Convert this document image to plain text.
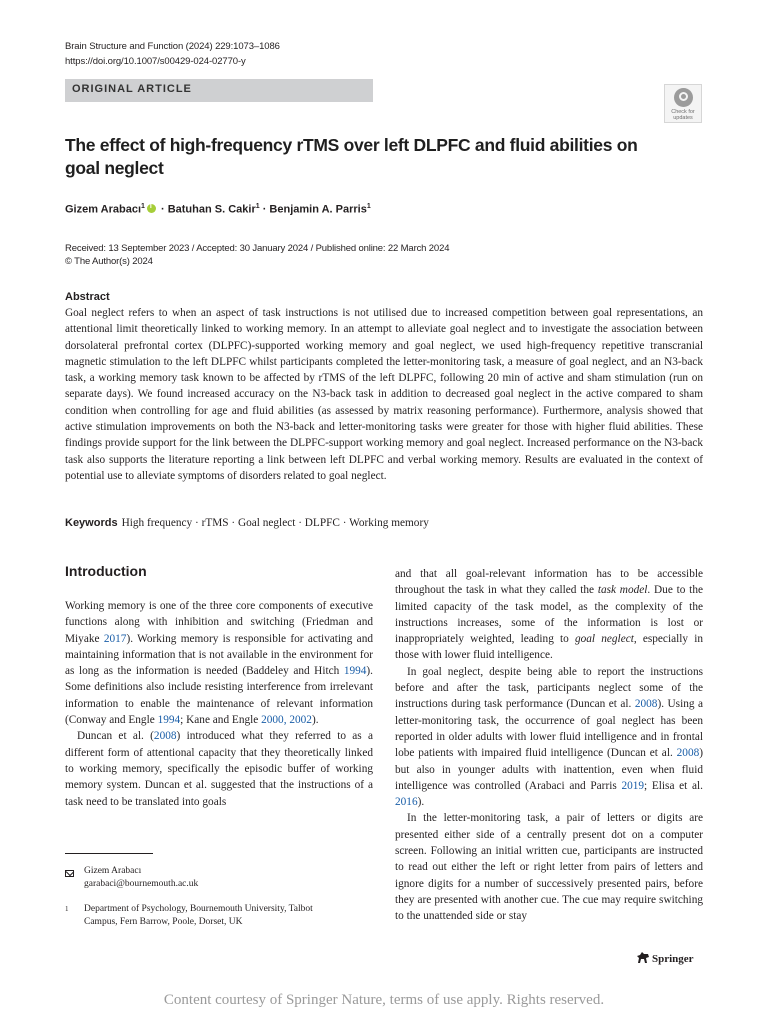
Brain Structure and Function (2024) 229:1073–1086
https://doi.org/10.1007/s00429-024-02770-y
ORIGINAL ARTICLE
Check for
updates
The effect of high-frequency rTMS over left DLPFC and fluid abilities on goal neglect
Gizem Arabacı$^1$i · Batuhan S. Cakir$^1$ · Benjamin A. Parris$^1$
Received: 13 September 2023 / Accepted: 30 January 2024 / Published online: 22 March 2024
© The Author(s) 2024
Abstract
Goal neglect refers to when an aspect of task instructions is not utilised due to increased competition between goal representations, an attentional limit theoretically linked to working memory. In an attempt to alleviate goal neglect and to investigate the association between dorsolateral prefrontal cortex (DLPFC)-supported working memory and goal neglect, we used high-frequency repetitive transcranial magnetic stimulation to the left DLPFC whilst participants completed the letter-monitoring task, a measure of goal neglect, and an N3-back task, a working memory task known to be affected by rTMS of the left DLPFC, following 20 min of active and sham stimulation (run on separate days). We found increased accuracy on the N3-back task in addition to decreased goal neglect in the active compared to sham condition when controlling for age and fluid abilities (as assessed by matrix reasoning performance). Furthermore, analysis showed that active stimulation improvements on both the N3-back and letter-monitoring tasks were greater for those with higher fluid abilities. These findings provide support for the link between the DLPFC-support working memory and goal neglect. Increased performance on the N3-back task also supports the literature reporting a link between left DLPFC and verbal working memory. Results are evaluated in the context of potential use to alleviate symptoms of disorders related to goal neglect.
Keywords High frequency · rTMS · Goal neglect · DLPFC · Working memory
Introduction

Working memory is one of the three core components of executive functions along with inhibition and switching (Friedman and Miyake 2017). Working memory is responsible for activating and maintaining information that is not available in the environment for as long as the information is needed (Baddeley and Hitch 1994). Some definitions also include resisting interference from irrelevant information to enable the maintenance of relevant information (Conway and Engle 1994; Kane and Engle 2000, 2002).

Duncan et al. (2008) introduced what they referred to as a different form of attentional capacity that they theoretically linked to working memory, specifically the episodic buffer of working memory system. Duncan et al. suggested that the instructions of a task need to be translated into goals

and that all goal-relevant information has to be accessible throughout the task in what they called the task model. Due to the limited capacity of the task model, as the complexity of the instructions increases, some of the information is lost or inappropriately weighted, leading to goal neglect, especially in those with lower fluid intelligence.

In goal neglect, despite being able to report the instructions before and after the task, participants neglect some of the instructions during task performance (Duncan et al. 2008). Using a letter-monitoring task, the occurrence of goal neglect has been reported in older adults with lower fluid intelligence and in frontal lobe patients with impaired fluid intelligence (Duncan et al. 2008) but also in younger adults with inattention, even when fluid intelligence was controlled (Arabaci and Parris 2019; Elisa et al. 2016).

In the letter-monitoring task, a pair of letters or digits are presented either side of a centrally present dot on a computer screen. Following an initial written cue, participants are instructed to read out either the left or right letter from pairs of letters and ignore digits for a number of successively presented pairs, before they are presented with another cue. The cue may require switching to the unattended side or stay

Gizem Arabacı
garabaci@bournemouth.ac.uk
1 Department of Psychology, Bournemouth University, Talbot
Campus, Fern Barrow, Poole, Dorset, UK
Springer
Content courtesy of Springer Nature, terms of use apply. Rights reserved.
